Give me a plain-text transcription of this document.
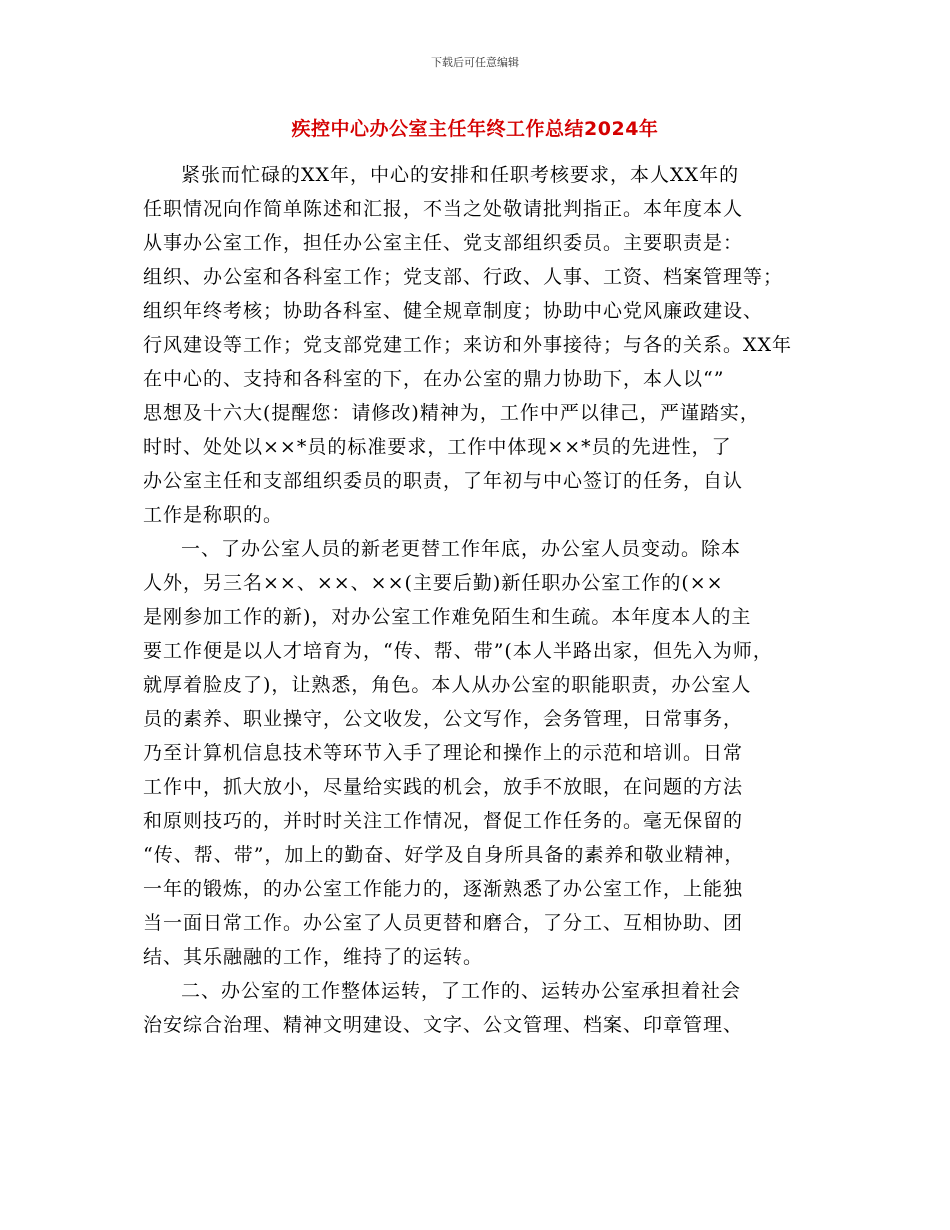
下载后可任意编辑
疾控中心办公室主任年终工作总结2024年
紧张而忙碌的XX年，中心的安排和任职考核要求，本人XX年的
任职情况向作简单陈述和汇报，不当之处敬请批判指正。本年度本人
从事办公室工作，担任办公室主任、党支部组织委员。主要职责是：
组织、办公室和各科室工作；党支部、行政、人事、工资、档案管理等；
组织年终考核；协助各科室、健全规章制度；协助中心党风廉政建设、
行风建设等工作；党支部党建工作；来访和外事接待；与各的关系。XX年
在中心的、支持和各科室的下，在办公室的鼎力协助下，本人以“”
思想及十六大(提醒您：请修改)精神为，工作中严以律己，严谨踏实，
时时、处处以××*员的标准要求，工作中体现××*员的先进性，了
办公室主任和支部组织委员的职责，了年初与中心签订的任务，自认
工作是称职的。
一、了办公室人员的新老更替工作年底，办公室人员变动。除本
人外，另三名××、××、××(主要后勤)新任职办公室工作的(××
是刚参加工作的新)，对办公室工作难免陌生和生疏。本年度本人的主
要工作便是以人才培育为，“传、帮、带”(本人半路出家，但先入为师，
就厚着脸皮了)，让熟悉，角色。本人从办公室的职能职责，办公室人
员的素养、职业操守，公文收发，公文写作，会务管理，日常事务，
乃至计算机信息技术等环节入手了理论和操作上的示范和培训。日常
工作中，抓大放小，尽量给实践的机会，放手不放眼，在问题的方法
和原则技巧的，并时时关注工作情况，督促工作任务的。毫无保留的
“传、帮、带”，加上的勤奋、好学及自身所具备的素养和敬业精神，
一年的锻炼，的办公室工作能力的，逐渐熟悉了办公室工作，上能独
当一面日常工作。办公室了人员更替和磨合，了分工、互相协助、团
结、其乐融融的工作，维持了的运转。
二、办公室的工作整体运转，了工作的、运转办公室承担着社会
治安综合治理、精神文明建设、文字、公文管理、档案、印章管理、
